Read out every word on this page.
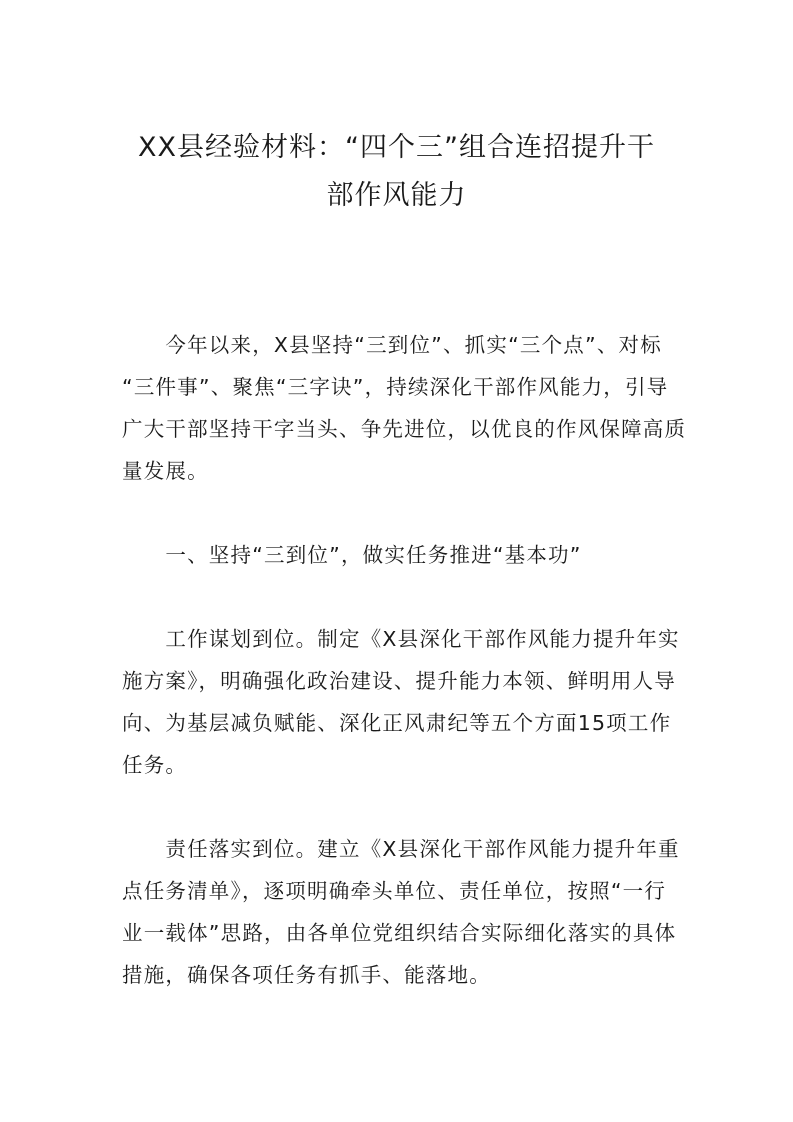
XX县经验材料：“四个三”组合连招提升干
部作风能力

　　今年以来，X县坚持“三到位”、抓实“三个点”、对标
“三件事”、聚焦“三字诀”，持续深化干部作风能力，引导
广大干部坚持干字当头、争先进位，以优良的作风保障高质
量发展。

　　一、坚持“三到位”，做实任务推进“基本功”

　　工作谋划到位。制定《X县深化干部作风能力提升年实
施方案》，明确强化政治建设、提升能力本领、鲜明用人导
向、为基层减负赋能、深化正风肃纪等五个方面15项工作
任务。

　　责任落实到位。建立《X县深化干部作风能力提升年重
点任务清单》，逐项明确牵头单位、责任单位，按照“一行
业一载体”思路，由各单位党组织结合实际细化落实的具体
措施，确保各项任务有抓手、能落地。
